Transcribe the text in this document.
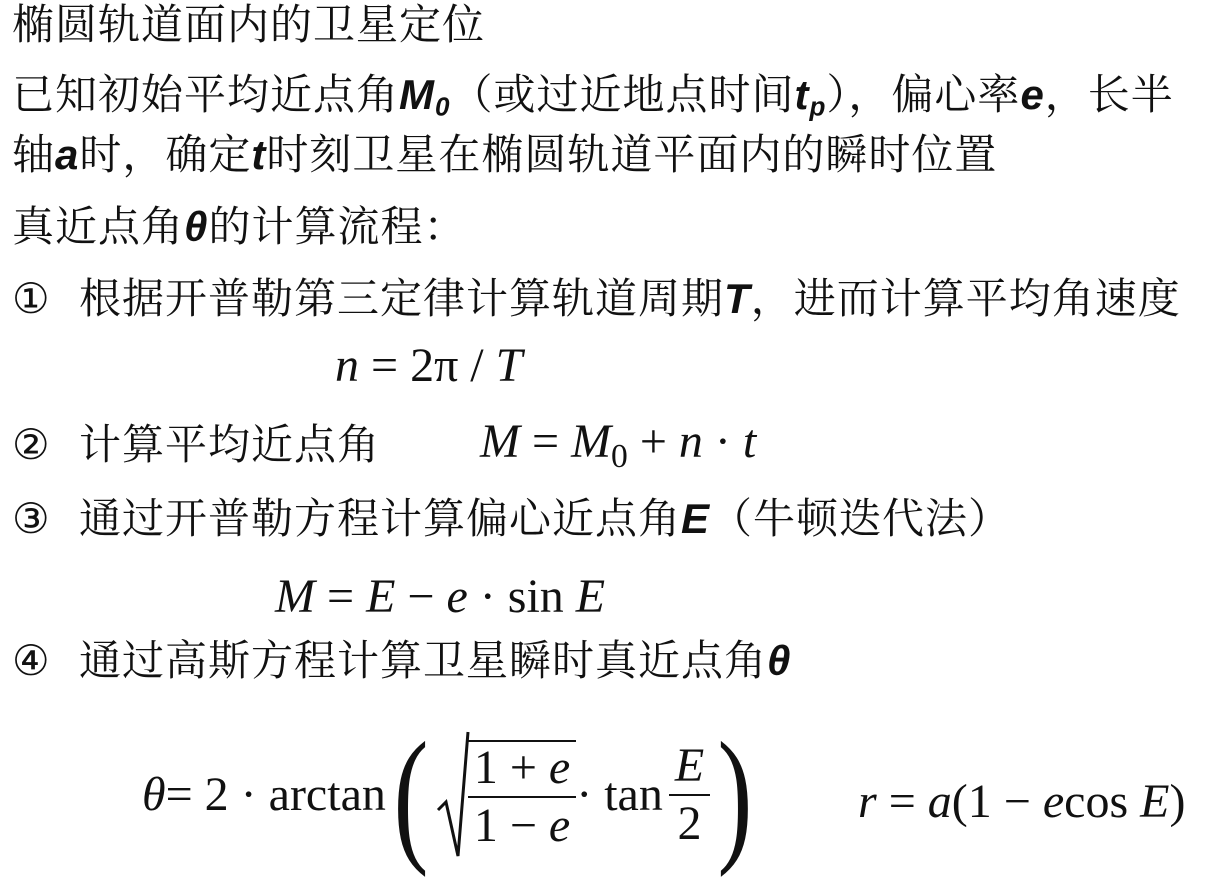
椭圆轨道面内的卫星定位
已知初始平均近点角$M_0$（或过近地点时间$t_p$），偏心率e，长半
轴a时，确定t时刻卫星在椭圆轨道平面内的瞬时位置
真近点角θ的计算流程：
① 根据开普勒第三定律计算轨道周期T，进而计算平均角速度
n = 2π / T
② 计算平均近点角 $M = M_0 + n \cdot t$
③ 通过开普勒方程计算偏心近点角E（牛顿迭代法）
M = E − e · sin E
④ 通过高斯方程计算卫星瞬时真近点角θ
θ = 2 · arctan ( $\frac{1 + e}{1 - e} \cdot \tan \frac{E}{2}$ ) r = a(1 − ecos E)
